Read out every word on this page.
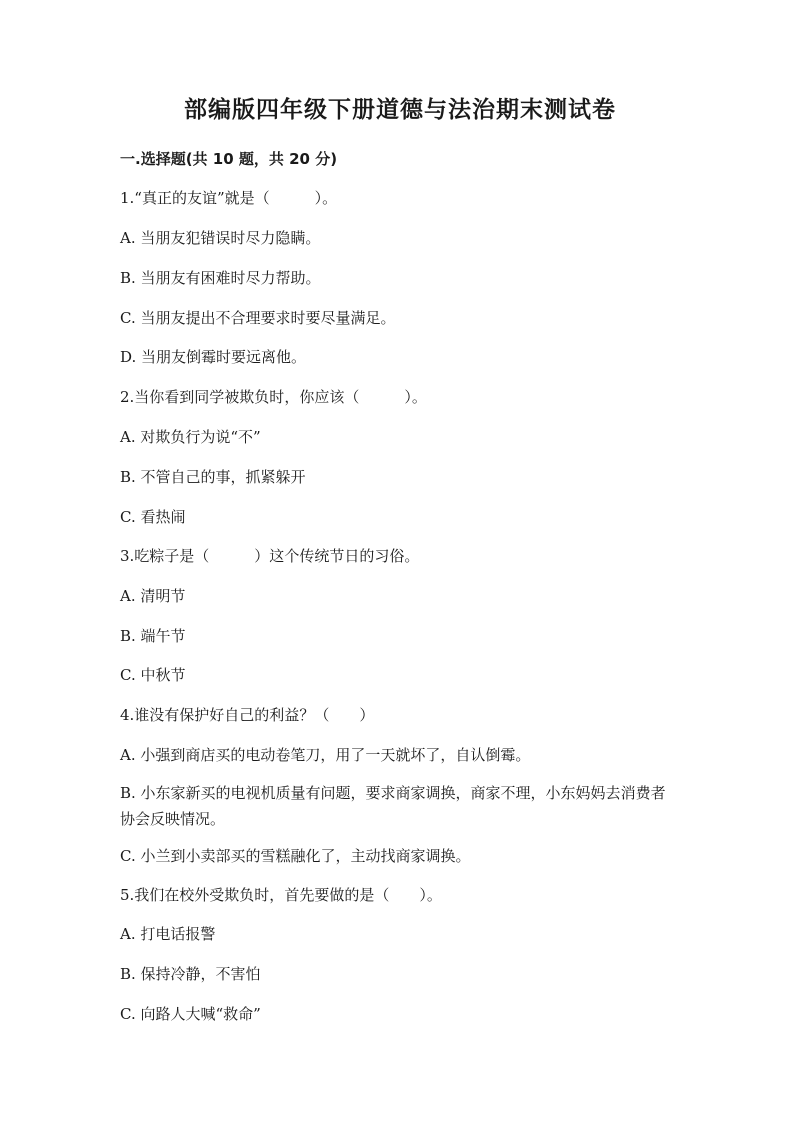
部编版四年级下册道德与法治期末测试卷
一.选择题(共 10 题，共 20 分)
1.“真正的友谊”就是（　　　）。
A. 当朋友犯错误时尽力隐瞒。
B. 当朋友有困难时尽力帮助。
C. 当朋友提出不合理要求时要尽量满足。
D. 当朋友倒霉时要远离他。
2.当你看到同学被欺负时，你应该（　　　）。
A. 对欺负行为说“不”
B. 不管自己的事，抓紧躲开
C. 看热闹
3.吃粽子是（　　　）这个传统节日的习俗。
A. 清明节
B. 端午节
C. 中秋节
4.谁没有保护好自己的利益？（　　）
A. 小强到商店买的电动卷笔刀，用了一天就坏了，自认倒霉。
B. 小东家新买的电视机质量有问题，要求商家调换，商家不理，小东妈妈去消费者协会反映情况。
C. 小兰到小卖部买的雪糕融化了，主动找商家调换。
5.我们在校外受欺负时，首先要做的是（　　）。
A. 打电话报警
B. 保持冷静，不害怕
C. 向路人大喊“救命”
